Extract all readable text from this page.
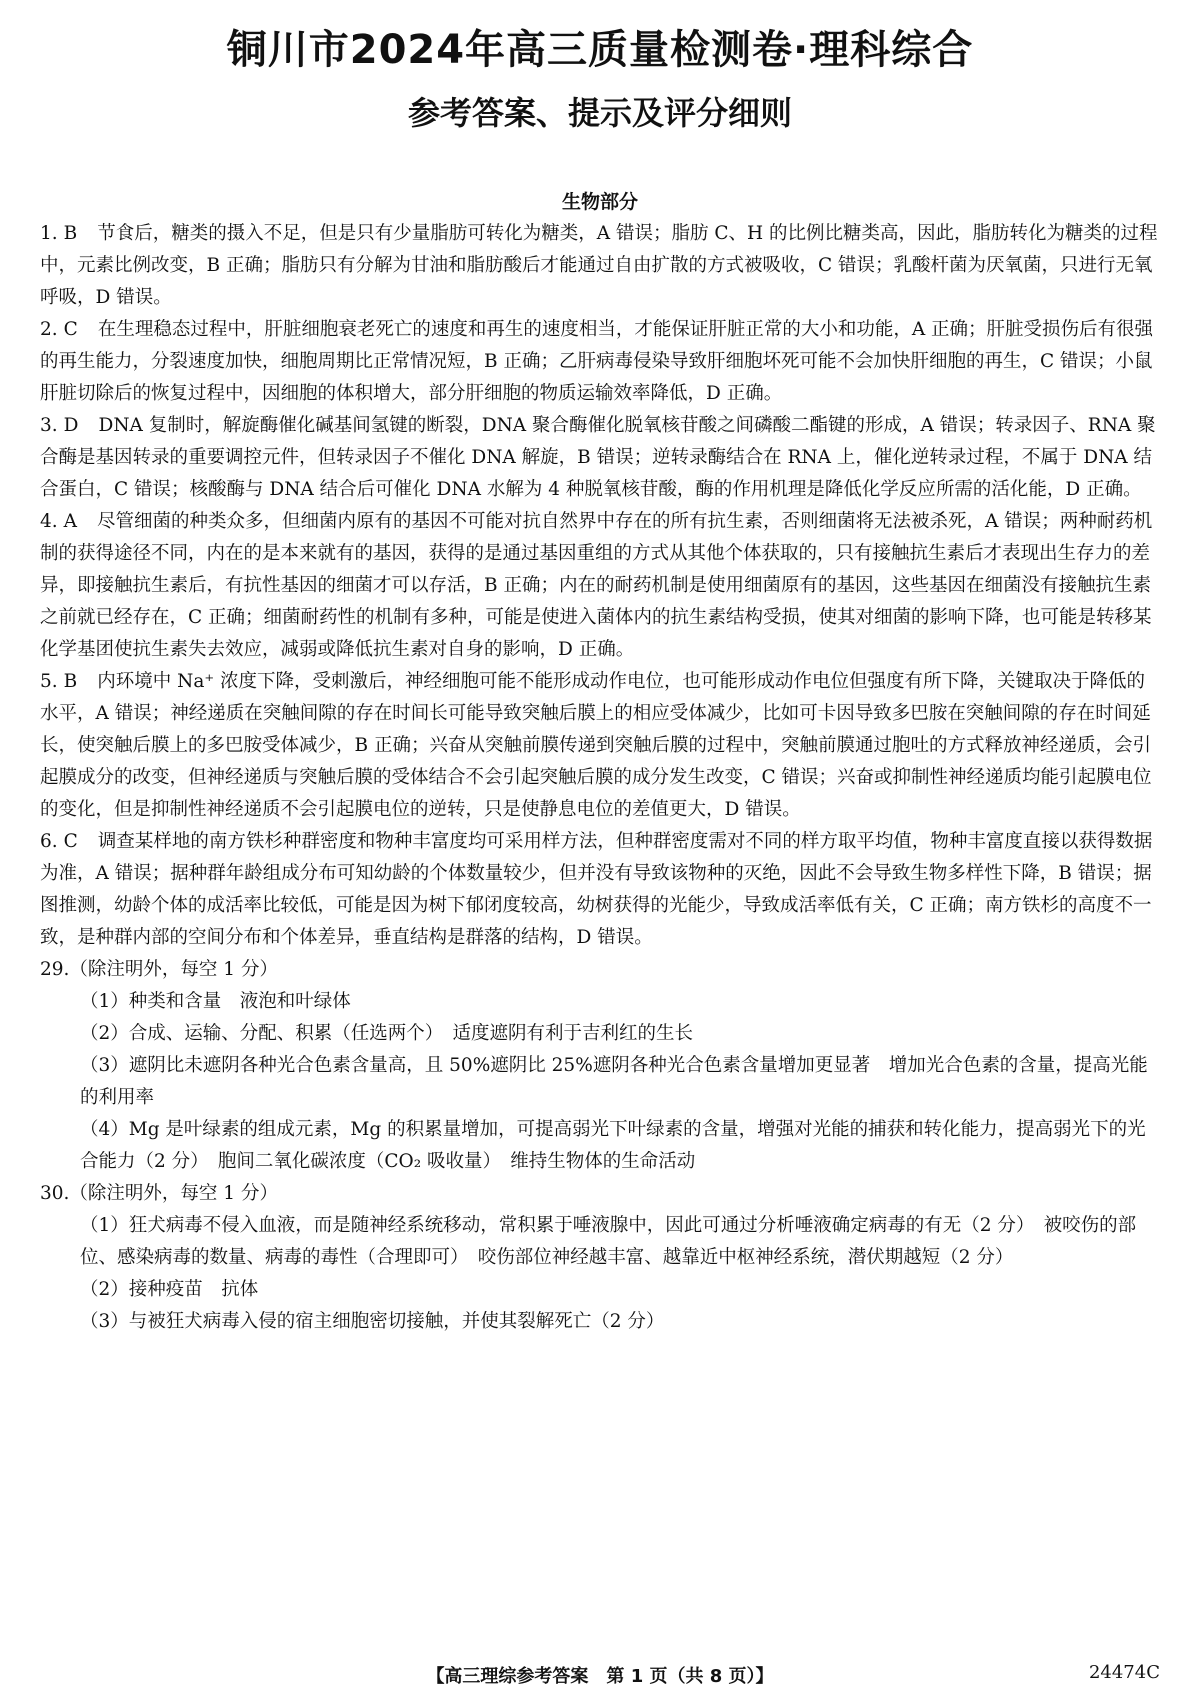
铜川市2024年高三质量检测卷·理科综合
参考答案、提示及评分细则
生物部分
1. B 节食后，糖类的摄入不足，但是只有少量脂肪可转化为糖类，A 错误；脂肪 C、H 的比例比糖类高，因此，脂肪转化为糖类的过程中，元素比例改变，B 正确；脂肪只有分解为甘油和脂肪酸后才能通过自由扩散的方式被吸收，C 错误；乳酸杆菌为厌氧菌，只进行无氧呼吸，D 错误。
2. C 在生理稳态过程中，肝脏细胞衰老死亡的速度和再生的速度相当，才能保证肝脏正常的大小和功能，A 正确；肝脏受损伤后有很强的再生能力，分裂速度加快，细胞周期比正常情况短，B 正确；乙肝病毒侵染导致肝细胞坏死可能不会加快肝细胞的再生，C 错误；小鼠肝脏切除后的恢复过程中，因细胞的体积增大，部分肝细胞的物质运输效率降低，D 正确。
3. D DNA 复制时，解旋酶催化碱基间氢键的断裂，DNA 聚合酶催化脱氧核苷酸之间磷酸二酯键的形成，A 错误；转录因子、RNA 聚合酶是基因转录的重要调控元件，但转录因子不催化 DNA 解旋，B 错误；逆转录酶结合在 RNA 上，催化逆转录过程，不属于 DNA 结合蛋白，C 错误；核酸酶与 DNA 结合后可催化 DNA 水解为 4 种脱氧核苷酸，酶的作用机理是降低化学反应所需的活化能，D 正确。
4. A 尽管细菌的种类众多，但细菌内原有的基因不可能对抗自然界中存在的所有抗生素，否则细菌将无法被杀死，A 错误；两种耐药机制的获得途径不同，内在的是本来就有的基因，获得的是通过基因重组的方式从其他个体获取的，只有接触抗生素后才表现出生存力的差异，即接触抗生素后，有抗性基因的细菌才可以存活，B 正确；内在的耐药机制是使用细菌原有的基因，这些基因在细菌没有接触抗生素之前就已经存在，C 正确；细菌耐药性的机制有多种，可能是使进入菌体内的抗生素结构受损，使其对细菌的影响下降，也可能是转移某化学基团使抗生素失去效应，减弱或降低抗生素对自身的影响，D 正确。
5. B 内环境中 Na⁺ 浓度下降，受刺激后，神经细胞可能不能形成动作电位，也可能形成动作电位但强度有所下降，关键取决于降低的水平，A 错误；神经递质在突触间隙的存在时间长可能导致突触后膜上的相应受体减少，比如可卡因导致多巴胺在突触间隙的存在时间延长，使突触后膜上的多巴胺受体减少，B 正确；兴奋从突触前膜传递到突触后膜的过程中，突触前膜通过胞吐的方式释放神经递质，会引起膜成分的改变，但神经递质与突触后膜的受体结合不会引起突触后膜的成分发生改变，C 错误；兴奋或抑制性神经递质均能引起膜电位的变化，但是抑制性神经递质不会引起膜电位的逆转，只是使静息电位的差值更大，D 错误。
6. C 调查某样地的南方铁杉种群密度和物种丰富度均可采用样方法，但种群密度需对不同的样方取平均值，物种丰富度直接以获得数据为准，A 错误；据种群年龄组成分布可知幼龄的个体数量较少，但并没有导致该物种的灭绝，因此不会导致生物多样性下降，B 错误；据图推测，幼龄个体的成活率比较低，可能是因为树下郁闭度较高，幼树获得的光能少，导致成活率低有关，C 正确；南方铁杉的高度不一致，是种群内部的空间分布和个体差异，垂直结构是群落的结构，D 错误。
29.（除注明外，每空 1 分）
（1）种类和含量　液泡和叶绿体
（2）合成、运输、分配、积累（任选两个）　适度遮阴有利于吉利红的生长
（3）遮阴比未遮阴各种光合色素含量高，且 50%遮阴比 25%遮阴各种光合色素含量增加更显著　增加光合色素的含量，提高光能的利用率
（4）Mg 是叶绿素的组成元素，Mg 的积累量增加，可提高弱光下叶绿素的含量，增强对光能的捕获和转化能力，提高弱光下的光合能力（2 分）　胞间二氧化碳浓度（CO₂ 吸收量）　维持生物体的生命活动
30.（除注明外，每空 1 分）
（1）狂犬病毒不侵入血液，而是随神经系统移动，常积累于唾液腺中，因此可通过分析唾液确定病毒的有无（2 分）　被咬伤的部位、感染病毒的数量、病毒的毒性（合理即可）　咬伤部位神经越丰富、越靠近中枢神经系统，潜伏期越短（2 分）
（2）接种疫苗　抗体
（3）与被狂犬病毒入侵的宿主细胞密切接触，并使其裂解死亡（2 分）
【高三理综参考答案　第 1 页（共 8 页）】	24474C
